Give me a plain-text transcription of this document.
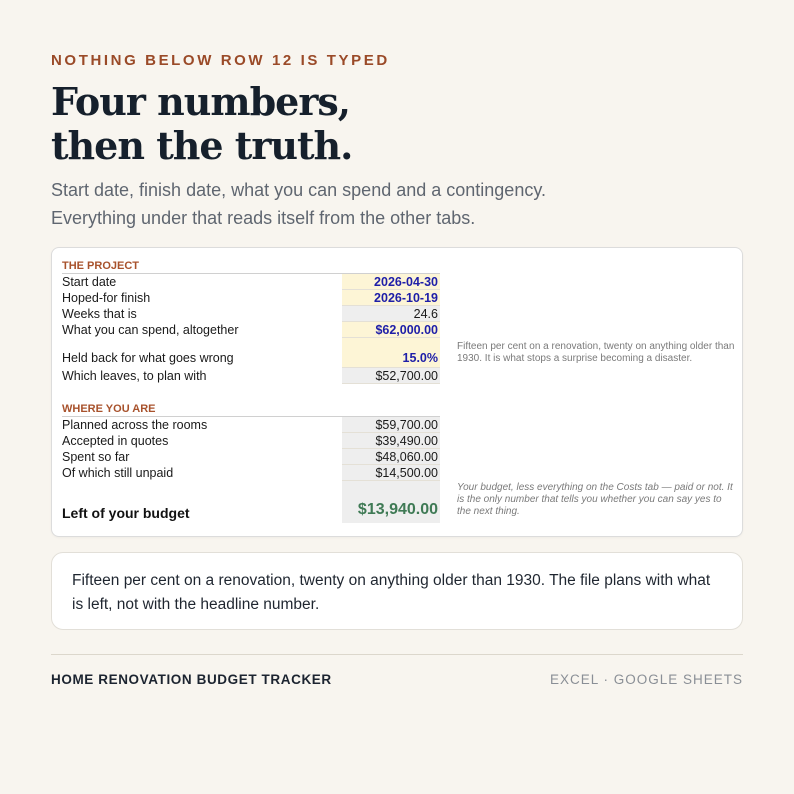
NOTHING BELOW ROW 12 IS TYPED
Four numbers,
then the truth.
Start date, finish date, what you can spend and a contingency.
Everything under that reads itself from the other tabs.
THE PROJECT
Start date	2026-04-30
Hoped-for finish	2026-10-19
Weeks that is	24.6
What you can spend, altogether	$62,000.00
Held back for what goes wrong	15.0%
Which leaves, to plan with	$52,700.00
Fifteen per cent on a renovation, twenty on anything older than 1930. It is what stops a surprise becoming a disaster.
WHERE YOU ARE
Planned across the rooms	$59,700.00
Accepted in quotes	$39,490.00
Spent so far	$48,060.00
Of which still unpaid	$14,500.00
Left of your budget	$13,940.00
Your budget, less everything on the Costs tab — paid or not. It is the only number that tells you whether you can say yes to the next thing.
Fifteen per cent on a renovation, twenty on anything older than 1930. The file plans with what is left, not with the headline number.
HOME RENOVATION BUDGET TRACKER	EXCEL · GOOGLE SHEETS
